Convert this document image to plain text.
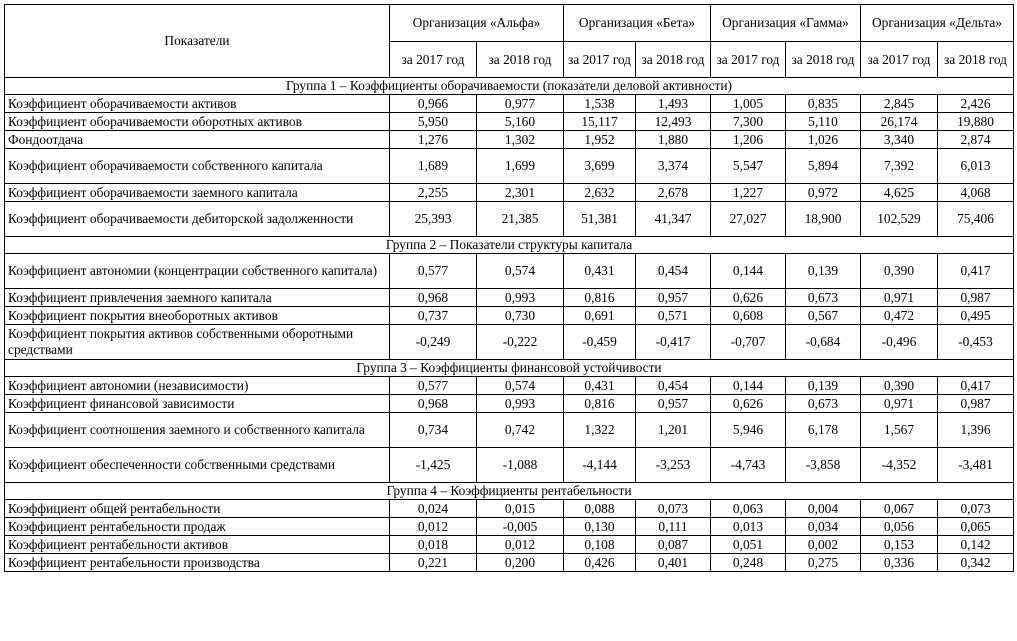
Показатели	Организация «Альфа»		Организация «Бета»		Организация «Гамма»		Организация «Дельта»	
	за 2017 год	за 2018 год	за 2017 год	за 2018 год	за 2017 год	за 2018 год	за 2017 год	за 2018 год
Группа 1 – Коэффициенты оборачиваемости (показатели деловой активности)								
Коэффициент оборачиваемости активов	0,966	0,977	1,538	1,493	1,005	0,835	2,845	2,426
Коэффициент оборачиваемости оборотных активов	5,950	5,160	15,117	12,493	7,300	5,110	26,174	19,880
Фондоотдача	1,276	1,302	1,952	1,880	1,206	1,026	3,340	2,874
Коэффициент оборачиваемости собственного капитала	1,689	1,699	3,699	3,374	5,547	5,894	7,392	6,013
Коэффициент оборачиваемости заемного капитала	2,255	2,301	2,632	2,678	1,227	0,972	4,625	4,068
Коэффициент оборачиваемости дебиторской задолженности	25,393	21,385	51,381	41,347	27,027	18,900	102,529	75,406
Группа 2 – Показатели структуры капитала								
Коэффициент автономии (концентрации собственного капитала)	0,577	0,574	0,431	0,454	0,144	0,139	0,390	0,417
Коэффициент привлечения заемного капитала	0,968	0,993	0,816	0,957	0,626	0,673	0,971	0,987
Коэффициент покрытия внеоборотных активов	0,737	0,730	0,691	0,571	0,608	0,567	0,472	0,495
Коэффициент покрытия активов собственными оборотными средствами	-0,249	-0,222	-0,459	-0,417	-0,707	-0,684	-0,496	-0,453
Группа 3 – Коэффициенты финансовой устойчивости								
Коэффициент автономии (независимости)	0,577	0,574	0,431	0,454	0,144	0,139	0,390	0,417
Коэффициент финансовой зависимости	0,968	0,993	0,816	0,957	0,626	0,673	0,971	0,987
Коэффициент соотношения заемного и собственного капитала	0,734	0,742	1,322	1,201	5,946	6,178	1,567	1,396
Коэффициент обеспеченности собственными средствами	-1,425	-1,088	-4,144	-3,253	-4,743	-3,858	-4,352	-3,481
Группа 4 – Коэффициенты рентабельности								
Коэффициент общей рентабельности	0,024	0,015	0,088	0,073	0,063	0,004	0,067	0,073
Коэффициент рентабельности продаж	0,012	-0,005	0,130	0,111	0,013	0,034	0,056	0,065
Коэффициент рентабельности активов	0,018	0,012	0,108	0,087	0,051	0,002	0,153	0,142
Коэффициент рентабельности производства	0,221	0,200	0,426	0,401	0,248	0,275	0,336	0,342
